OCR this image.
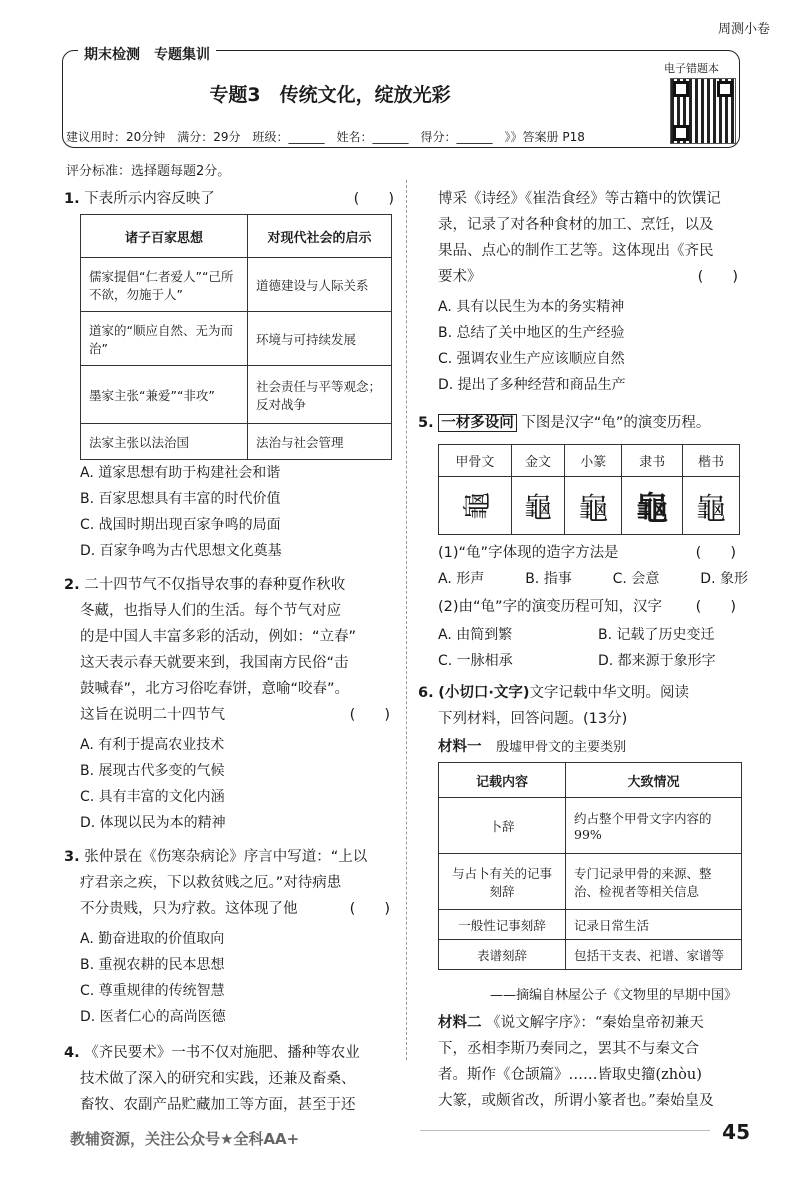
周测小卷
期末检测　专题集训
专题3　传统文化，绽放光彩
建议用时：20分钟　满分：29分　班级：______　姓名：______　得分：______　》》答案册 P18
电子错题本
评分标准：选择题每题2分。
1. 下表所示内容反映了	(　　)
诸子百家思想	对现代社会的启示
儒家提倡“仁者爱人”“己所不欲，勿施于人”	道德建设与人际关系
道家的“顺应自然、无为而治”	环境与可持续发展
墨家主张“兼爱”“非攻”	社会责任与平等观念；反对战争
法家主张以法治国	法治与社会管理
A. 道家思想有助于构建社会和谐
B. 百家思想具有丰富的时代价值
C. 战国时期出现百家争鸣的局面
D. 百家争鸣为古代思想文化奠基
2. 二十四节气不仅指导农事的春种夏作秋收
冬藏，也指导人们的生活。每个节气对应
的是中国人丰富多彩的活动，例如：“立春”
这天表示春天就要来到，我国南方民俗“击
鼓喊春”，北方习俗吃春饼，意喻“咬春”。
这旨在说明二十四节气	(　　)
A. 有利于提高农业技术
B. 展现古代多变的气候
C. 具有丰富的文化内涵
D. 体现以民为本的精神
3. 张仲景在《伤寒杂病论》序言中写道：“上以
疗君亲之疾，下以救贫贱之厄。”对待病患
不分贵贱，只为疗救。这体现了他	(　　)
A. 勤奋进取的价值取向
B. 重视农耕的民本思想
C. 尊重规律的传统智慧
D. 医者仁心的高尚医德
4. 《齐民要术》一书不仅对施肥、播种等农业
技术做了深入的研究和实践，还兼及畜桑、
畜牧、农副产品贮藏加工等方面，甚至于还
博采《诗经》《崔浩食经》等古籍中的饮馔记
录，记录了对各种食材的加工、烹饪，以及
果品、点心的制作工艺等。这体现出《齐民
要术》	(　　)
A. 具有以民生为本的务实精神
B. 总结了关中地区的生产经验
C. 强调农业生产应该顺应自然
D. 提出了多种经营和商品生产
5. 一材多设问 下图是汉字“龟”的演变历程。
甲骨文	金文	小篆	隶书	楷书
龜	龜	龜	龜	龜
(1)“龟”字体现的造字方法是	(　　)
A. 形声	B. 指事	C. 会意	D. 象形
(2)由“龟”字的演变历程可知，汉字 (　　)
A. 由简到繁	B. 记载了历史变迁
C. 一脉相承	D. 都来源于象形字
6. (小切口·文字)文字记载中华文明。阅读
下列材料，回答问题。(13分)
材料一 殷墟甲骨文的主要类别
记载内容	大致情况
卜辞	约占整个甲骨文字内容的99%
与占卜有关的记事刻辞	专门记录甲骨的来源、整治、检视者等相关信息
一般性记事刻辞	记录日常生活
表谱刻辞	包括干支表、祀谱、家谱等
——摘编自林屋公子《文物里的早期中国》
材料二 《说文解字序》：“秦始皇帝初兼天
下，丞相李斯乃奏同之，罢其不与秦文合
者。斯作《仓颉篇》……皆取史籀(zhòu)
大篆，或颇省改，所谓小篆者也。”秦始皇及
教辅资源，关注公众号★全科AA+	45
